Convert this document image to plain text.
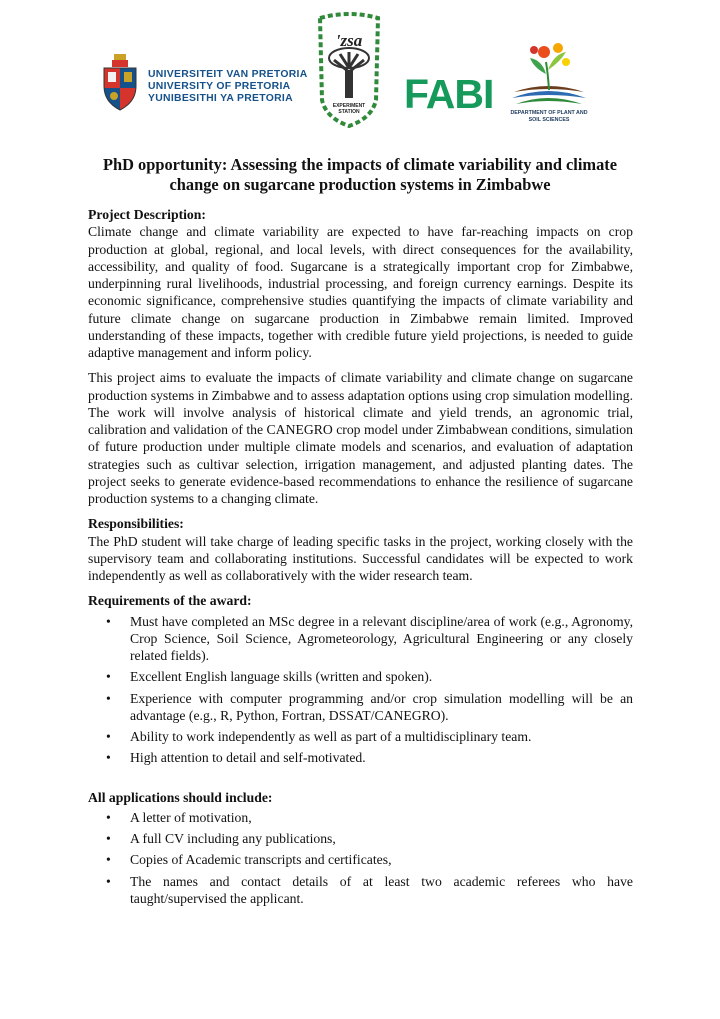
UNIVERSITEIT VAN PRETORIA
UNIVERSITY OF PRETORIA
YUNIBESITHI YA PRETORIA
'zsa
EXPERIMENT
STATION FABI	DEPARTMENT OF PLANT AND SOIL SCIENCES
PhD opportunity: Assessing the impacts of climate variability and climate change on sugarcane production systems in Zimbabwe
Project Description:

Climate change and climate variability are expected to have far-reaching impacts on crop production at global, regional, and local levels, with direct consequences for the availability, accessibility, and quality of food. Sugarcane is a strategically important crop for Zimbabwe, underpinning rural livelihoods, industrial processing, and foreign currency earnings. Despite its economic significance, comprehensive studies quantifying the impacts of climate variability and future climate change on sugarcane production in Zimbabwe remain limited. Improved understanding of these impacts, together with credible future yield projections, is needed to guide adaptive management and inform policy.

This project aims to evaluate the impacts of climate variability and climate change on sugarcane production systems in Zimbabwe and to assess adaptation options using crop simulation modelling. The work will involve analysis of historical climate and yield trends, an agronomic trial, calibration and validation of the CANEGRO crop model under Zimbabwean conditions, simulation of future production under multiple climate models and scenarios, and evaluation of adaptation strategies such as cultivar selection, irrigation management, and adjusted planting dates. The project seeks to generate evidence-based recommendations to enhance the resilience of sugarcane production systems to a changing climate.

Responsibilities:

The PhD student will take charge of leading specific tasks in the project, working closely with the supervisory team and collaborating institutions. Successful candidates will be expected to work independently as well as collaboratively with the wider research team.

Requirements of the award:
• Must have completed an MSc degree in a relevant discipline/area of work (e.g., Agronomy, Crop Science, Soil Science, Agrometeorology, Agricultural Engineering or any closely related fields).
• Excellent English language skills (written and spoken).
• Experience with computer programming and/or crop simulation modelling will be an advantage (e.g., R, Python, Fortran, DSSAT/CANEGRO).
• Ability to work independently as well as part of a multidisciplinary team.
• High attention to detail and self-motivated.
All applications should include:
• A letter of motivation,
• A full CV including any publications,
• Copies of Academic transcripts and certificates,
• The names and contact details of at least two academic referees who have taught/supervised the applicant.
